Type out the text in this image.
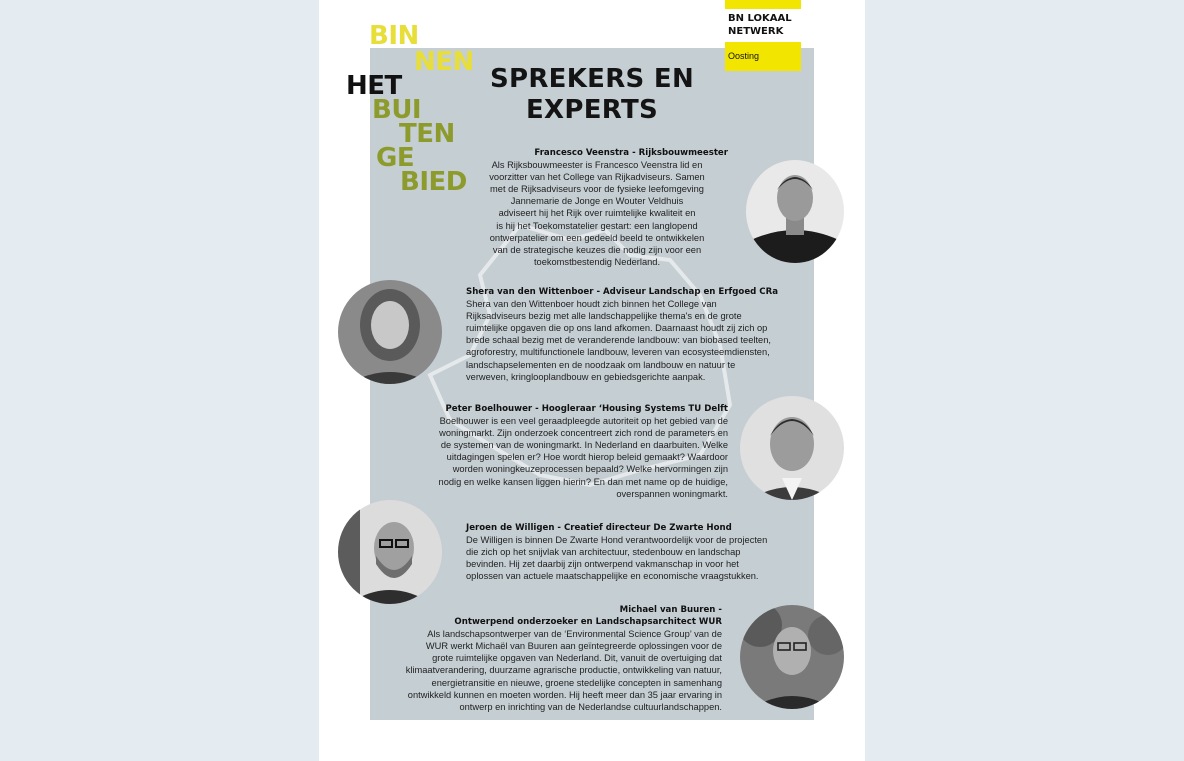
BIN
NEN
HET
BUI
TEN
GE
BIED
SPREKERS EN
EXPERTS
BN LOKAAL
NETWERK
Oosting

Francesco Veenstra - Rijksbouwmeester

Als Rijksbouwmeester is Francesco Veenstra lid en

voorzitter van het College van Rijkadviseurs. Samen

met de Rijksadviseurs voor de fysieke leefomgeving

Jannemarie de Jonge en Wouter Veldhuis

adviseert hij het Rijk over ruimtelijke kwaliteit en

is hij het Toekomstatelier gestart: een langlopend

ontwerpatelier om een gedeeld beeld te ontwikkelen

van de strategische keuzes die nodig zijn voor een

toekomstbestendig Nederland.

Shera van den Wittenboer - Adviseur Landschap en Erfgoed CRa

Shera van den Wittenboer houdt zich binnen het College van

Rijksadviseurs bezig met alle landschappelijke thema's en de grote

ruimtelijke opgaven die op ons land afkomen. Daarnaast houdt zij zich op

brede schaal bezig met de veranderende landbouw: van biobased teelten,

agroforestry, multifunctionele landbouw, leveren van ecosysteemdiensten,

landschapselementen en de noodzaak om landbouw en natuur te

verweven, kringlooplandbouw en gebiedsgerichte aanpak.

Peter Boelhouwer - Hoogleraar ‘Housing Systems TU Delft

Boelhouwer is een veel geraadpleegde autoriteit op het gebied van de

woningmarkt. Zijn onderzoek concentreert zich rond de parameters en

de systemen van de woningmarkt. In Nederland en daarbuiten. Welke

uitdagingen spelen er? Hoe wordt hierop beleid gemaakt? Waardoor

worden woningkeuzeprocessen bepaald? Welke hervormingen zijn

nodig en welke kansen liggen hierin? En dan met name op de huidige,

overspannen woningmarkt.

Jeroen de Willigen - Creatief directeur De Zwarte Hond

De Willigen is binnen De Zwarte Hond verantwoordelijk voor de projecten

die zich op het snijvlak van architectuur, stedenbouw en landschap

bevinden. Hij zet daarbij zijn ontwerpend vakmanschap in voor het

oplossen van actuele maatschappelijke en economische vraagstukken.

Michael van Buuren -

Ontwerpend onderzoeker en Landschapsarchitect WUR

Als landschapsontwerper van de ‘Environmental Science Group’ van de

WUR werkt Michaël van Buuren aan geïntegreerde oplossingen voor de

grote ruimtelijke opgaven van Nederland. Dit, vanuit de overtuiging dat

klimaatverandering, duurzame agrarische productie, ontwikkeling van natuur,

energietransitie en nieuwe, groene stedelijke concepten in samenhang

ontwikkeld kunnen en moeten worden. Hij heeft meer dan 35 jaar ervaring in

ontwerp en inrichting van de Nederlandse cultuurlandschappen.
